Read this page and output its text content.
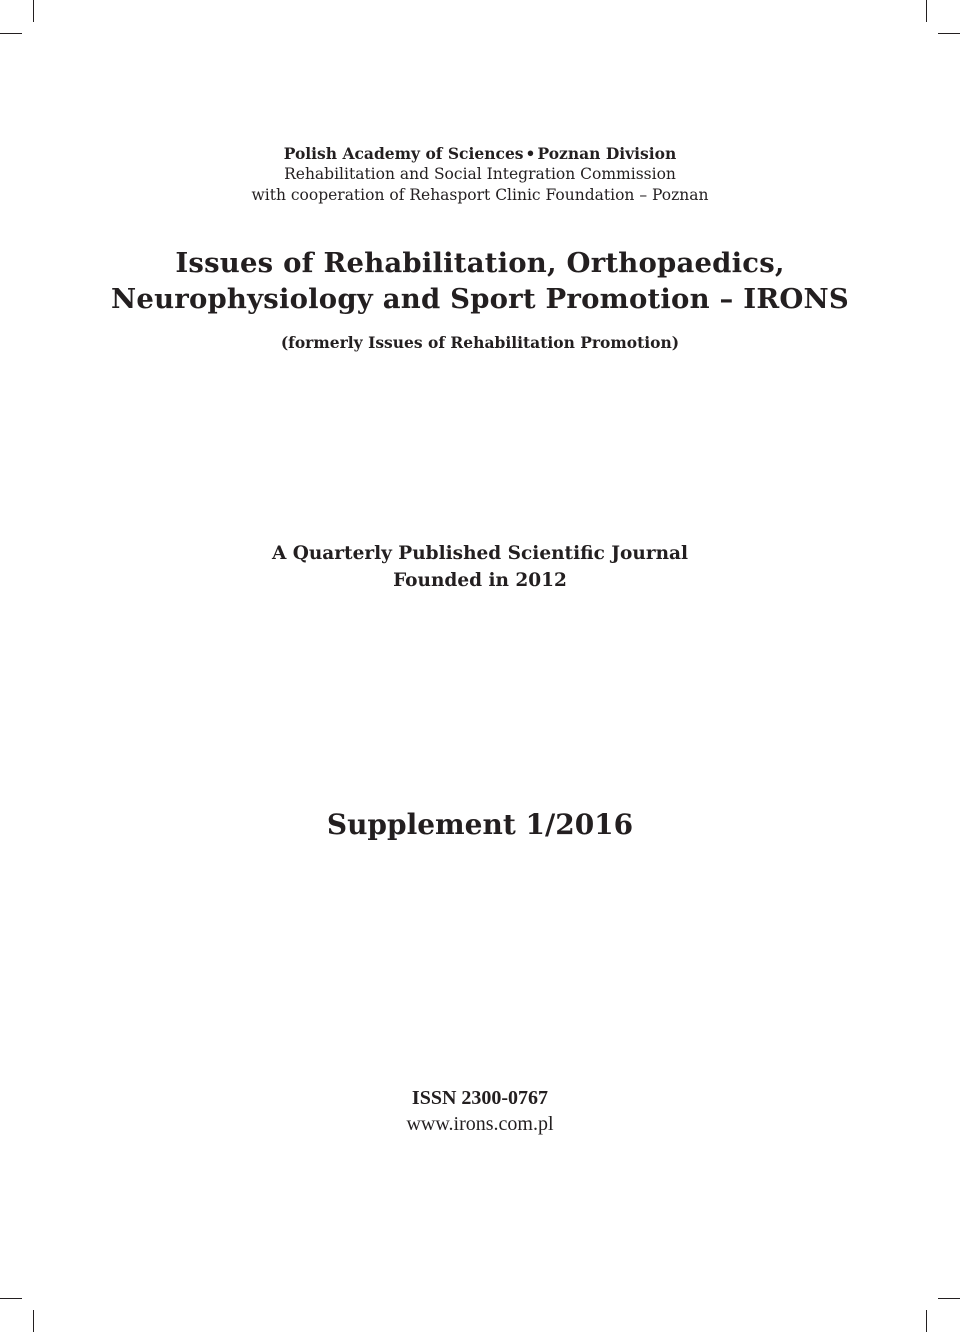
Polish Academy of Sciences • Poznan Division
Rehabilitation and Social Integration Commission
with cooperation of Rehasport Clinic Foundation – Poznan
Issues of Rehabilitation, Orthopaedics,
Neurophysiology and Sport Promotion – IRONS
(formerly Issues of Rehabilitation Promotion)
A Quarterly Published Scientific Journal
Founded in 2012
Supplement 1/2016
ISSN 2300-0767
www.irons.com.pl
